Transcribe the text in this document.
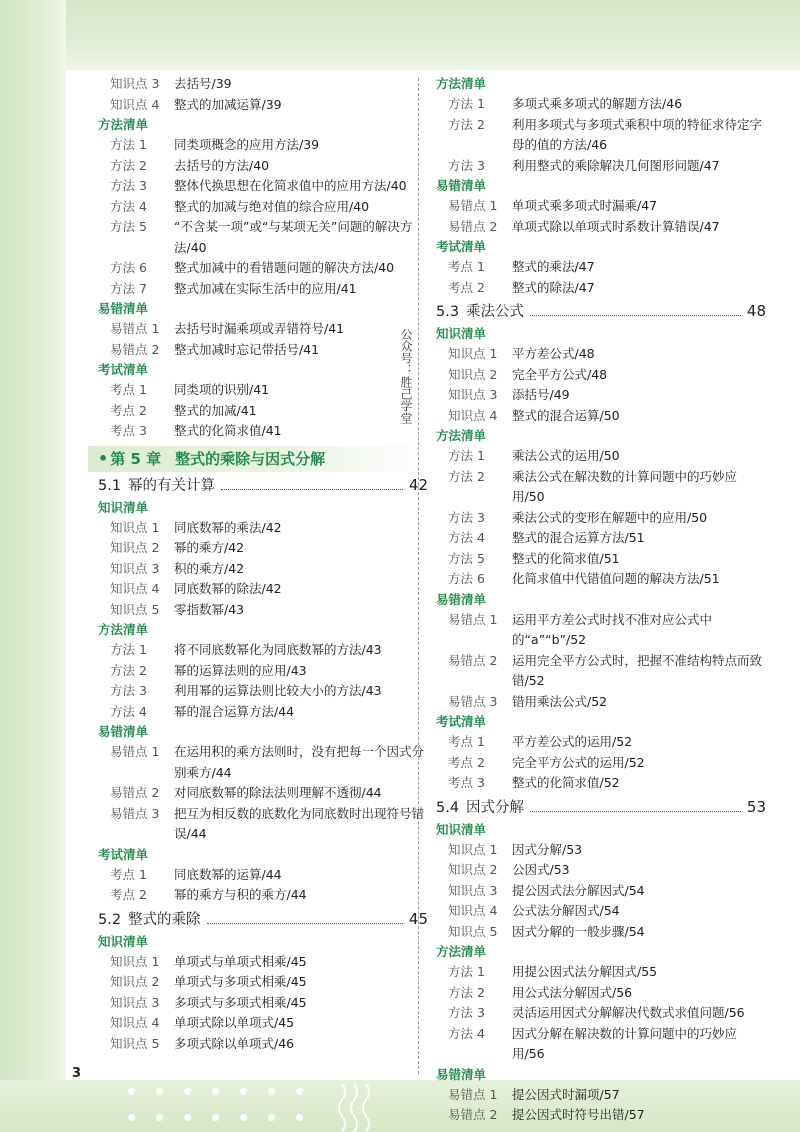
3
知识点 3	去括号/39
知识点 4	整式的加减运算/39
方法清单
方法 1	同类项概念的应用方法/39
方法 2	去括号的方法/40
方法 3	整体代换思想在化简求值中的应用方法/40
方法 4	整式的加减与绝对值的综合应用/40
方法 5	“不含某一项”或“与某项无关”问题的解决方法/40
方法 6	整式加减中的看错题问题的解决方法/40
方法 7	整式加减在实际生活中的应用/41
易错清单
易错点 1	去括号时漏乘项或弄错符号/41
易错点 2	整式加减时忘记带括号/41
考试清单
考点 1	同类项的识别/41
考点 2	整式的加减/41
考点 3	整式的化简求值/41
• 第 5 章 整式的乘除与因式分解
5.1 幂的有关计算	42
知识清单
知识点 1	同底数幂的乘法/42
知识点 2	幂的乘方/42
知识点 3	积的乘方/42
知识点 4	同底数幂的除法/42
知识点 5	零指数幂/43
方法清单
方法 1	将不同底数幂化为同底数幂的方法/43
方法 2	幂的运算法则的应用/43
方法 3	利用幂的运算法则比较大小的方法/43
方法 4	幂的混合运算方法/44
易错清单
易错点 1	在运用积的乘方法则时，没有把每一个因式分别乘方/44
易错点 2	对同底数幂的除法法则理解不透彻/44
易错点 3	把互为相反数的底数化为同底数时出现符号错误/44
考试清单
考点 1	同底数幂的运算/44
考点 2	幂的乘方与积的乘方/44
5.2 整式的乘除	45
知识清单
知识点 1	单项式与单项式相乘/45
知识点 2	单项式与多项式相乘/45
知识点 3	多项式与多项式相乘/45
知识点 4	单项式除以单项式/45
知识点 5	多项式除以单项式/46
公众号：胜己学堂
方法清单
方法 1	多项式乘多项式的解题方法/46
方法 2	利用多项式与多项式乘积中项的特征求待定字母的值的方法/46
方法 3	利用整式的乘除解决几何图形问题/47
易错清单
易错点 1	单项式乘多项式时漏乘/47
易错点 2	单项式除以单项式时系数计算错误/47
考试清单
考点 1	整式的乘法/47
考点 2	整式的除法/47
5.3 乘法公式	48
知识清单
知识点 1	平方差公式/48
知识点 2	完全平方公式/48
知识点 3	添括号/49
知识点 4	整式的混合运算/50
方法清单
方法 1	乘法公式的运用/50
方法 2	乘法公式在解决数的计算问题中的巧妙应用/50
方法 3	乘法公式的变形在解题中的应用/50
方法 4	整式的混合运算方法/51
方法 5	整式的化简求值/51
方法 6	化简求值中代错值问题的解决方法/51
易错清单
易错点 1	运用平方差公式时找不准对应公式中的“a”“b”/52
易错点 2	运用完全平方公式时，把握不准结构特点而致错/52
易错点 3	错用乘法公式/52
考试清单
考点 1	平方差公式的运用/52
考点 2	完全平方公式的运用/52
考点 3	整式的化简求值/52
5.4 因式分解	53
知识清单
知识点 1	因式分解/53
知识点 2	公因式/53
知识点 3	提公因式法分解因式/54
知识点 4	公式法分解因式/54
知识点 5	因式分解的一般步骤/54
方法清单
方法 1	用提公因式法分解因式/55
方法 2	用公式法分解因式/56
方法 3	灵活运用因式分解解决代数式求值问题/56
方法 4	因式分解在解决数的计算问题中的巧妙应用/56
易错清单
易错点 1	提公因式时漏项/57
易错点 2	提公因式时符号出错/57
